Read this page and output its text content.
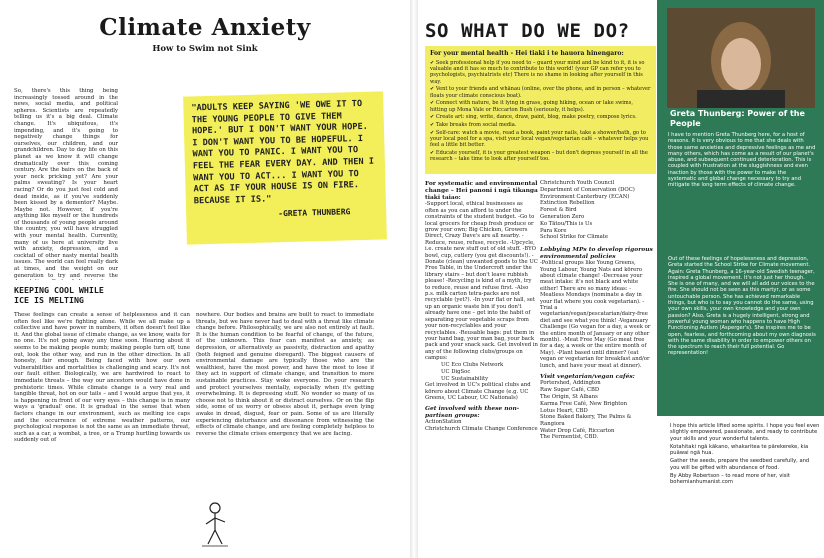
Climate Anxiety
How to Swim not Sink
So, there's this thing being increasingly tossed around in the news, social media, and political spheres. Scientists are repeatedly telling us it's a big deal. Climate change. It's ubiquitous, it's impending, and it's going to negatively change things for ourselves, our children, and our grandchildren. Day to day life on this planet as we know it will change dramatically over this coming century. Are the bairs on the back of your neck pricking yet? Are your palms sweating? Is your heart racing? Or do you just feel cold and dead inside, as if you've suddenly been kissed by a dementor? Maybe. Maybe not. However, if you're anything like myself or the hundreds of thousands of young people around the country, you will have struggled with your mental health. Currently, many of us here at university live with anxiety, depression, and a cocktail of other nasty mental health issues. The world can feel really dark at times, and the weight on our generation to try and reverse the
"ADULTS KEEP SAYING 'WE OWE IT TO THE YOUNG PEOPLE TO GIVE THEM HOPE.' BUT I DON'T WANT YOUR HOPE. I DON'T WANT YOU TO BE HOPEFUL. I WANT YOU TO PANIC. I WANT YOU TO FEEL THE FEAR EVERY DAY. AND THEN I WANT YOU TO ACT... I WANT YOU TO ACT AS IF YOUR HOUSE IS ON FIRE. BECAUSE IT IS."
-GRETA THUNBERG
KEEPING COOL WHILE ICE IS MELTING
These feelings can create a sense of helplessness and it can often feel like we're fighting alone. While we all make up a collective and have power in numbers, it often doesn't feel like it. And the global issue of climate change, as we know, waits for no one. It's not going away any time soon. Hearing about it seems to be making people numb; making people turn off, tune out, look the other way, and run in the other direction. In all honesty, fair enough. Being faced with how our own vulnerabilities and mortalities is challenging and scary. It's not our fault either. Biologically, we are hardwired to react to immediate threats – the way our ancestors would have done in prehistoric times. While climate change is a very real and tangible threat, hot on our tails – and I would argue that yes, it is happening in front of our very eyes – this change is in many ways a 'gradual' one. It is gradual in the sense that when factors change in our environment, such as melting ice caps and the occurrence of extreme weather patterns, our psychological response is not the same as an immediate threat, such as a car, a wombat, a tree, or a Trump hurtling towards us suddenly out of
nowhere. Our bodies and brains are built to react to immediate threats, but we have never had to deal with a threat like climate change before. Philosophically, we are also not entirely at fault. It is the human condition to be fearful of change, of the future, of the unknown. This fear can manifest as anxiety, as depression, or alternatively as passivity, distraction and apathy (both feigned and genuine disregard). The biggest causers of environmental damage are typically those who are the wealthiest, have the most power, and have the most to lose if they act in support of climate change, and transition to more sustainable practices. Stay woke everyone. Do your research and protect yourselves mentally, especially when it's getting overwhelming. It is depressing stuff. No wonder so many of us choose not to think about it or distract ourselves. Or on the flip side, some of us worry or obsess about it, perhaps even lying awake in dread, disgust, fear or pain. Some of us are literally experiencing disturbance and dissonance from witnessing the effects of climate change, and are feeling completely helpless to reverse the climate crises emergency that we are facing.
SO WHAT DO WE DO?
For your mental health - Hei tiaki i te hauora hinengaro:
✔ Seek professional help if you need to – guard your mind and be kind to it, it is so valuable and it has so much to contribute to this world! (your GP can refer you to psychologists, psychiatrists etc) There is no shame in looking after yourself in this way.
✔ Vent to your friends and whānau (online, over the phone, and in person – whatever floats your climate conscious boat).
✔ Connect with nature, be it lying in grass, going hiking, ocean or lake swims, hitting up Mona Vale or Riccarton Bush (seriously, it helps).
✔ Create art: sing, write, dance, draw, paint, blog, make poetry, compose lyrics.
✔ Take breaks from social media.
✔ Self-care: watch a movie, read a book, paint your nails, take a shower/bath, go to your local pool for a spa, visit your local vegan/vegetarian café – whatever helps you feel a little bit better.
✔ Educate yourself, it is your greatest weapon – but don't depress yourself in all the research – take time to look after yourself too.

For systematic and environmental change – Hei panoni i ngā tikanga tiaki taiao:

-Support local, ethical businesses as often as you can afford to under the constraints of the student budget. -Go to local grocers for cheap fresh produce or grow your own; Big Chicken, Growers Direct, Crazy Dave's are all nearby. -Reduce, reuse, refuse, recycle. -Upcycle, i.e. create new stuff out of old stuff. -BYO bowl, cup, cutlery (you get discounts!). -Donate (clean) unwanted goods to the UC Free Table, in the Undercroft under the library stairs – but don't leave rubbish please! -Recycling is kind of a myth, try to reduce, reuse and refuse first. -Also p.s. milk carton tetra-packs are not recyclable (yet?). -In your flat or hall, set up an organic waste bin if you don't already have one – get into the habit of separating your vegetable scraps from your non-recyclables and your recyclables. -Reusable bags: put them in your hand bag, your man bag, your back pack and your snack sack. Get involved in any of the following clubs/groups on campus:

UC Eco Clubs Network

UC DigSoc

UC Sustainability

Get involved in UC's political clubs and kōrero about Climate Change (e.g. UC Greens, UC Labour, UC Nationals)

Get involved with these non-partisan groups:

ActionStation

Christchurch Climate Change Conference

Christchurch Youth Council

Department of Conservation (DOC)

Environment Canterbury (ECAN)

Extinction Rebellion

Forest & Bird

Generation Zero

Ko Tātou/This is Us

Para Kore

School Strike for Climate

Lobbying MPs to develop rigorous environmental policies

-Political groups like Young Greens, Young Labour, Young Nats and kōrero about climate change! -Decrease your meat intake: it's not black and white either! There are so many ideas: -Meatless Mondays (nominate a day in your flat where you cook vegetarian). -Trial a vegetarian/vegan/pescatarian/dairy-free diet and see what you think! -Veganuary Challenge (Go vegan for a day, a week or the entire month of January or any other month). -Meat Free May (Go meat free for a day, a week or the entire month of May). -Plant based until dinner? (eat vegan or vegetarian for breakfast and/or lunch, and have your meat at dinner).

Visit vegetarian/vegan cafés:

Portershed, Addington

Raw Sugar Café, CBD

The Origin, St Albans

Karma Free Café, New Brighton

Lotus Heart, CBD

Stone Baked Bakery, The Palms & Rangiora

Water Drop Café, Riccarton

The Fermentist, CBD.

Greta Thunberg: Power of the People
I have to mention Greta Thunberg here, for a host of reasons. It is very obvious to me that she deals with those same anxieties and depressive feelings as me and many others, which has come as a result of our planet's abuse, and subsequent continued deterioration. This is coupled with frustration at the sluggishness and even inaction by those with the power to make the systematic and global change necessary to try and mitigate the long term effects of climate change.
Out of these feelings of hopelessness and depression, Greta started the School Strike for Climate movement. Again: Greta Thunberg, a 16-year-old Swedish teenager, inspired a global movement. It's not just her though. She is one of many, and we will all add our voices to the fire. She should not be seen as this martyr, or as some untouchable person. She has achieved remarkable things, but who is to say you cannot do the same, using your own skills, your own knowledge and your own passion? Also, Greta is a hugely intelligent, strong and powerful young woman who happens to have High Functioning Autism (Asperger's). She inspires me to be open, fearless, and forthcoming about my own diagnosis with the same disability in order to empower others on the spectrum to reach their full potential. Go representation!

I hope this article lifted some spirits. I hope you feel even slightly empowered, passionate, and ready to contribute your skills and your wonderful talents.

Kotahitaki ngā kākano, whakaritea te pārekereke, kia puāwai ngā hua.

Gather the seeds, prepare the seedbed carefully, and you will be gifted with abundance of food.

By Abby Robertson – to read more of her, visit bohemianhumanist.com
